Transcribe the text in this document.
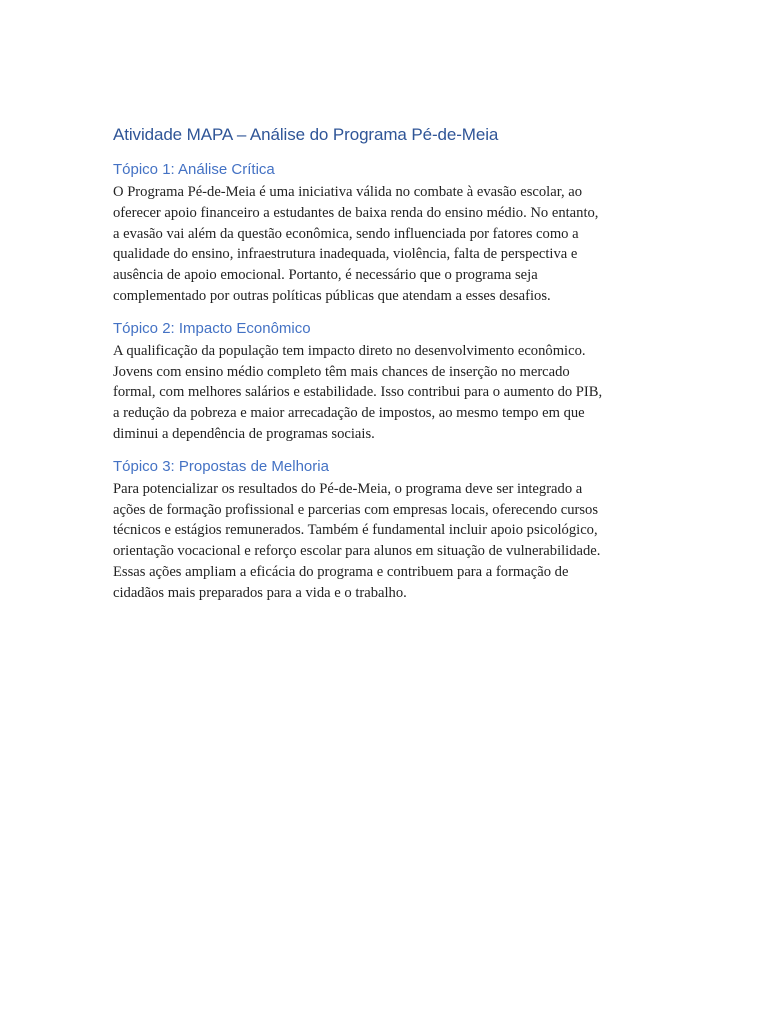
Atividade MAPA – Análise do Programa Pé-de-Meia
Tópico 1: Análise Crítica

O Programa Pé-de-Meia é uma iniciativa válida no combate à evasão escolar, ao
oferecer apoio financeiro a estudantes de baixa renda do ensino médio. No entanto,
a evasão vai além da questão econômica, sendo influenciada por fatores como a
qualidade do ensino, infraestrutura inadequada, violência, falta de perspectiva e
ausência de apoio emocional. Portanto, é necessário que o programa seja
complementado por outras políticas públicas que atendam a esses desafios.

Tópico 2: Impacto Econômico

A qualificação da população tem impacto direto no desenvolvimento econômico.
Jovens com ensino médio completo têm mais chances de inserção no mercado
formal, com melhores salários e estabilidade. Isso contribui para o aumento do PIB,
a redução da pobreza e maior arrecadação de impostos, ao mesmo tempo em que
diminui a dependência de programas sociais.

Tópico 3: Propostas de Melhoria

Para potencializar os resultados do Pé-de-Meia, o programa deve ser integrado a
ações de formação profissional e parcerias com empresas locais, oferecendo cursos
técnicos e estágios remunerados. Também é fundamental incluir apoio psicológico,
orientação vocacional e reforço escolar para alunos em situação de vulnerabilidade.
Essas ações ampliam a eficácia do programa e contribuem para a formação de
cidadãos mais preparados para a vida e o trabalho.
